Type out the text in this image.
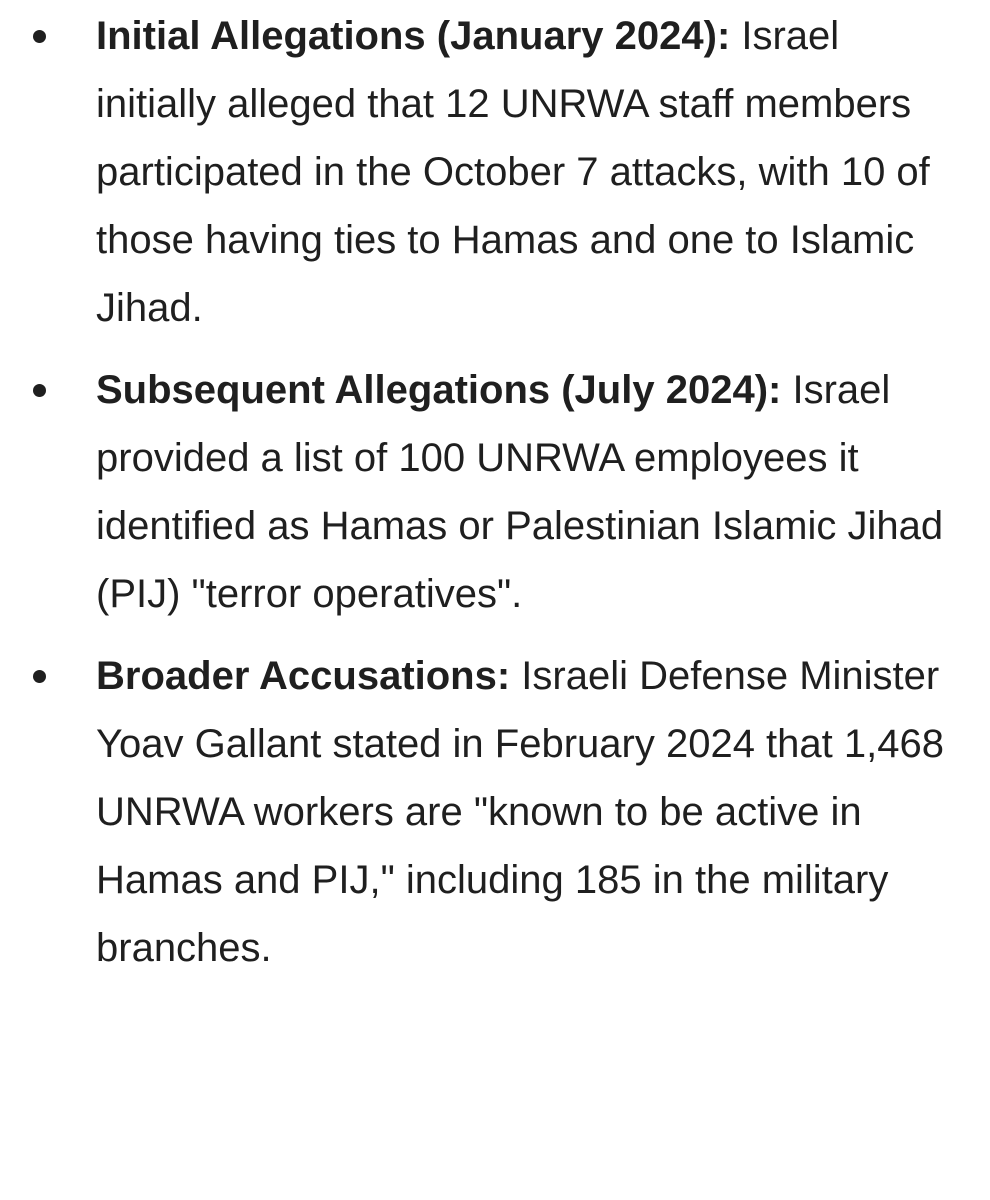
Initial Allegations (January 2024): Israel initially alleged that 12 UNRWA staff members participated in the October 7 attacks, with 10 of those having ties to Hamas and one to Islamic Jihad.
Subsequent Allegations (July 2024): Israel provided a list of 100 UNRWA employees it identified as Hamas or Palestinian Islamic Jihad (PIJ) "terror operatives".
Broader Accusations: Israeli Defense Minister Yoav Gallant stated in February 2024 that 1,468 UNRWA workers are "known to be active in Hamas and PIJ," including 185 in the military branches.
